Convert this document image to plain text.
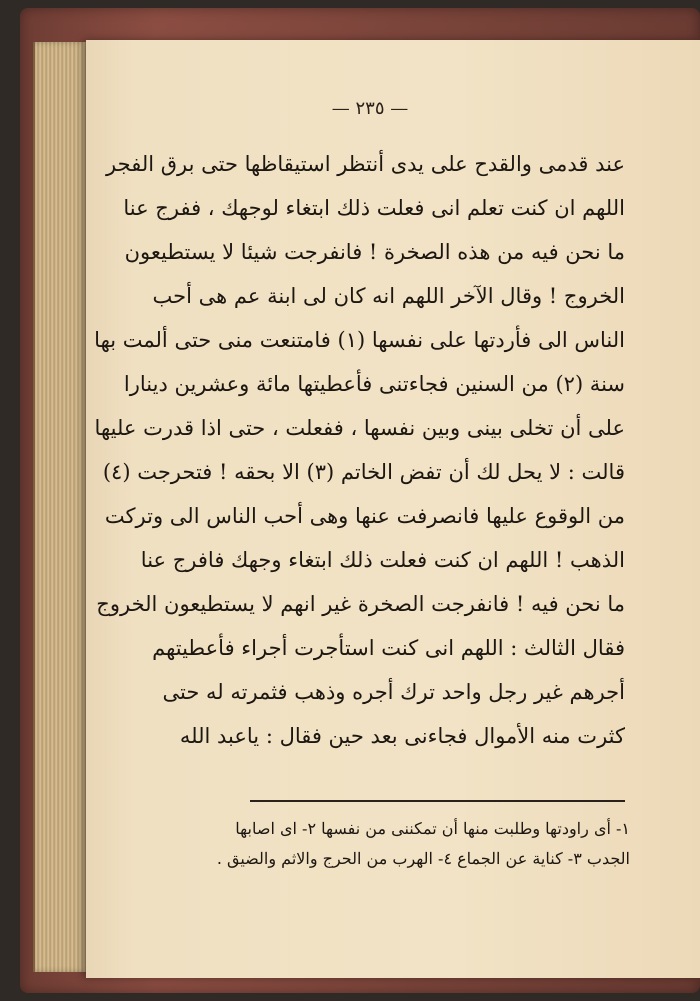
— ٢٣٥ —
عند قدمى والقدح على يدى أنتظر استيقاظها حتى برق الفجر
اللهم ان كنت تعلم انى فعلت ذلك ابتغاء لوجهك ، ففرج عنا
ما نحن فيه من هذه الصخرة ! فانفرجت شيئا لا يستطيعون
الخروج ! وقال الآخر اللهم انه كان لى ابنة عم هى أحب
الناس الى فأردتها على نفسها (١) فامتنعت منى حتى ألمت بها
سنة (٢) من السنين فجاءتنى فأعطيتها مائة وعشرين دينارا
على أن تخلى بينى وبين نفسها ، ففعلت ، حتى اذا قدرت عليها
قالت : لا يحل لك أن تفض الخاتم (٣) الا بحقه ! فتحرجت (٤)
من الوقوع عليها فانصرفت عنها وهى أحب الناس الى وتركت
الذهب ! اللهم ان كنت فعلت ذلك ابتغاء وجهك فافرج عنا
ما نحن فيه ! فانفرجت الصخرة غير انهم لا يستطيعون الخروج
فقال الثالث : اللهم انى كنت استأجرت أجراء فأعطيتهم
أجرهم غير رجل واحد ترك أجره وذهب فثمرته له حتى
كثرت منه الأموال فجاءنى بعد حين فقال : ياعبد الله
١- أى راودتها وطلبت منها أن تمكننى من نفسها ٢- اى اصابها
الجدب ٣- كناية عن الجماع ٤- الهرب من الحرج والاثم والضيق .
